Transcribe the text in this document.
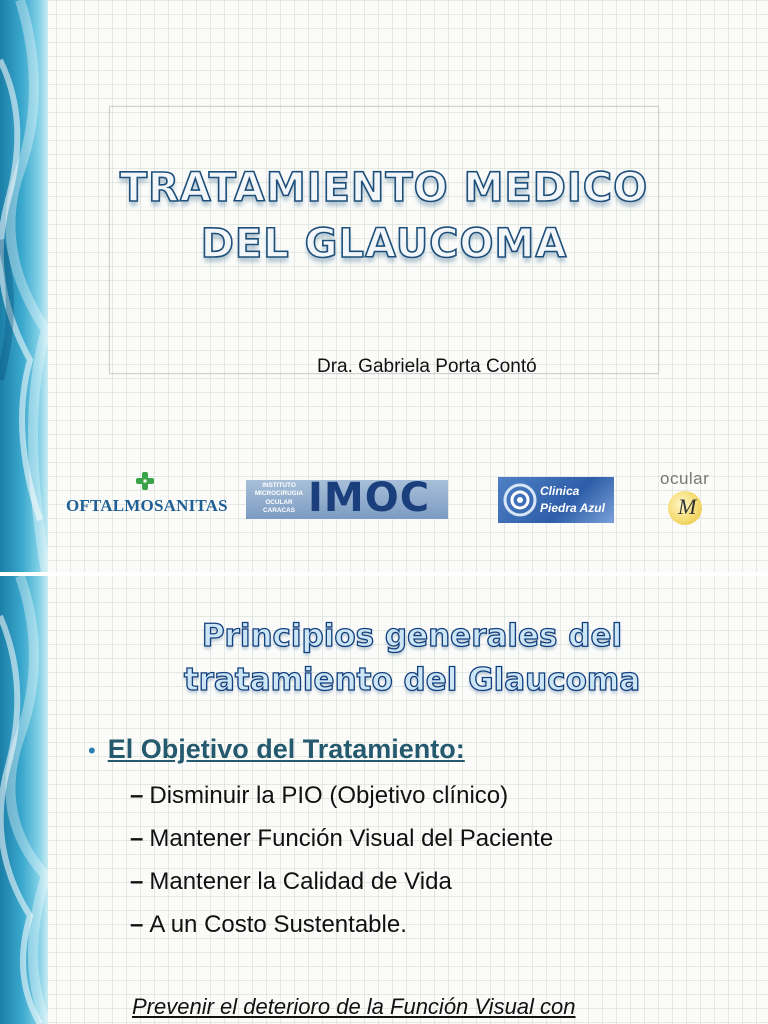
TRATAMIENTO MEDICO
DEL GLAUCOMA
Dra. Gabriela Porta Contó
OFTALMOSANITAS
INSTITUTO
MICROCIRUGIA
OCULAR
CARACAS IMOC	Clinica
Piedra Azul
ocular
M
Principios generales del
tratamiento del Glaucoma
• El Objetivo del Tratamiento:
– Disminuir la PIO (Objetivo clínico)
– Mantener Función Visual del Paciente
– Mantener la Calidad de Vida
– A un Costo Sustentable.
Prevenir el deterioro de la Función Visual con
